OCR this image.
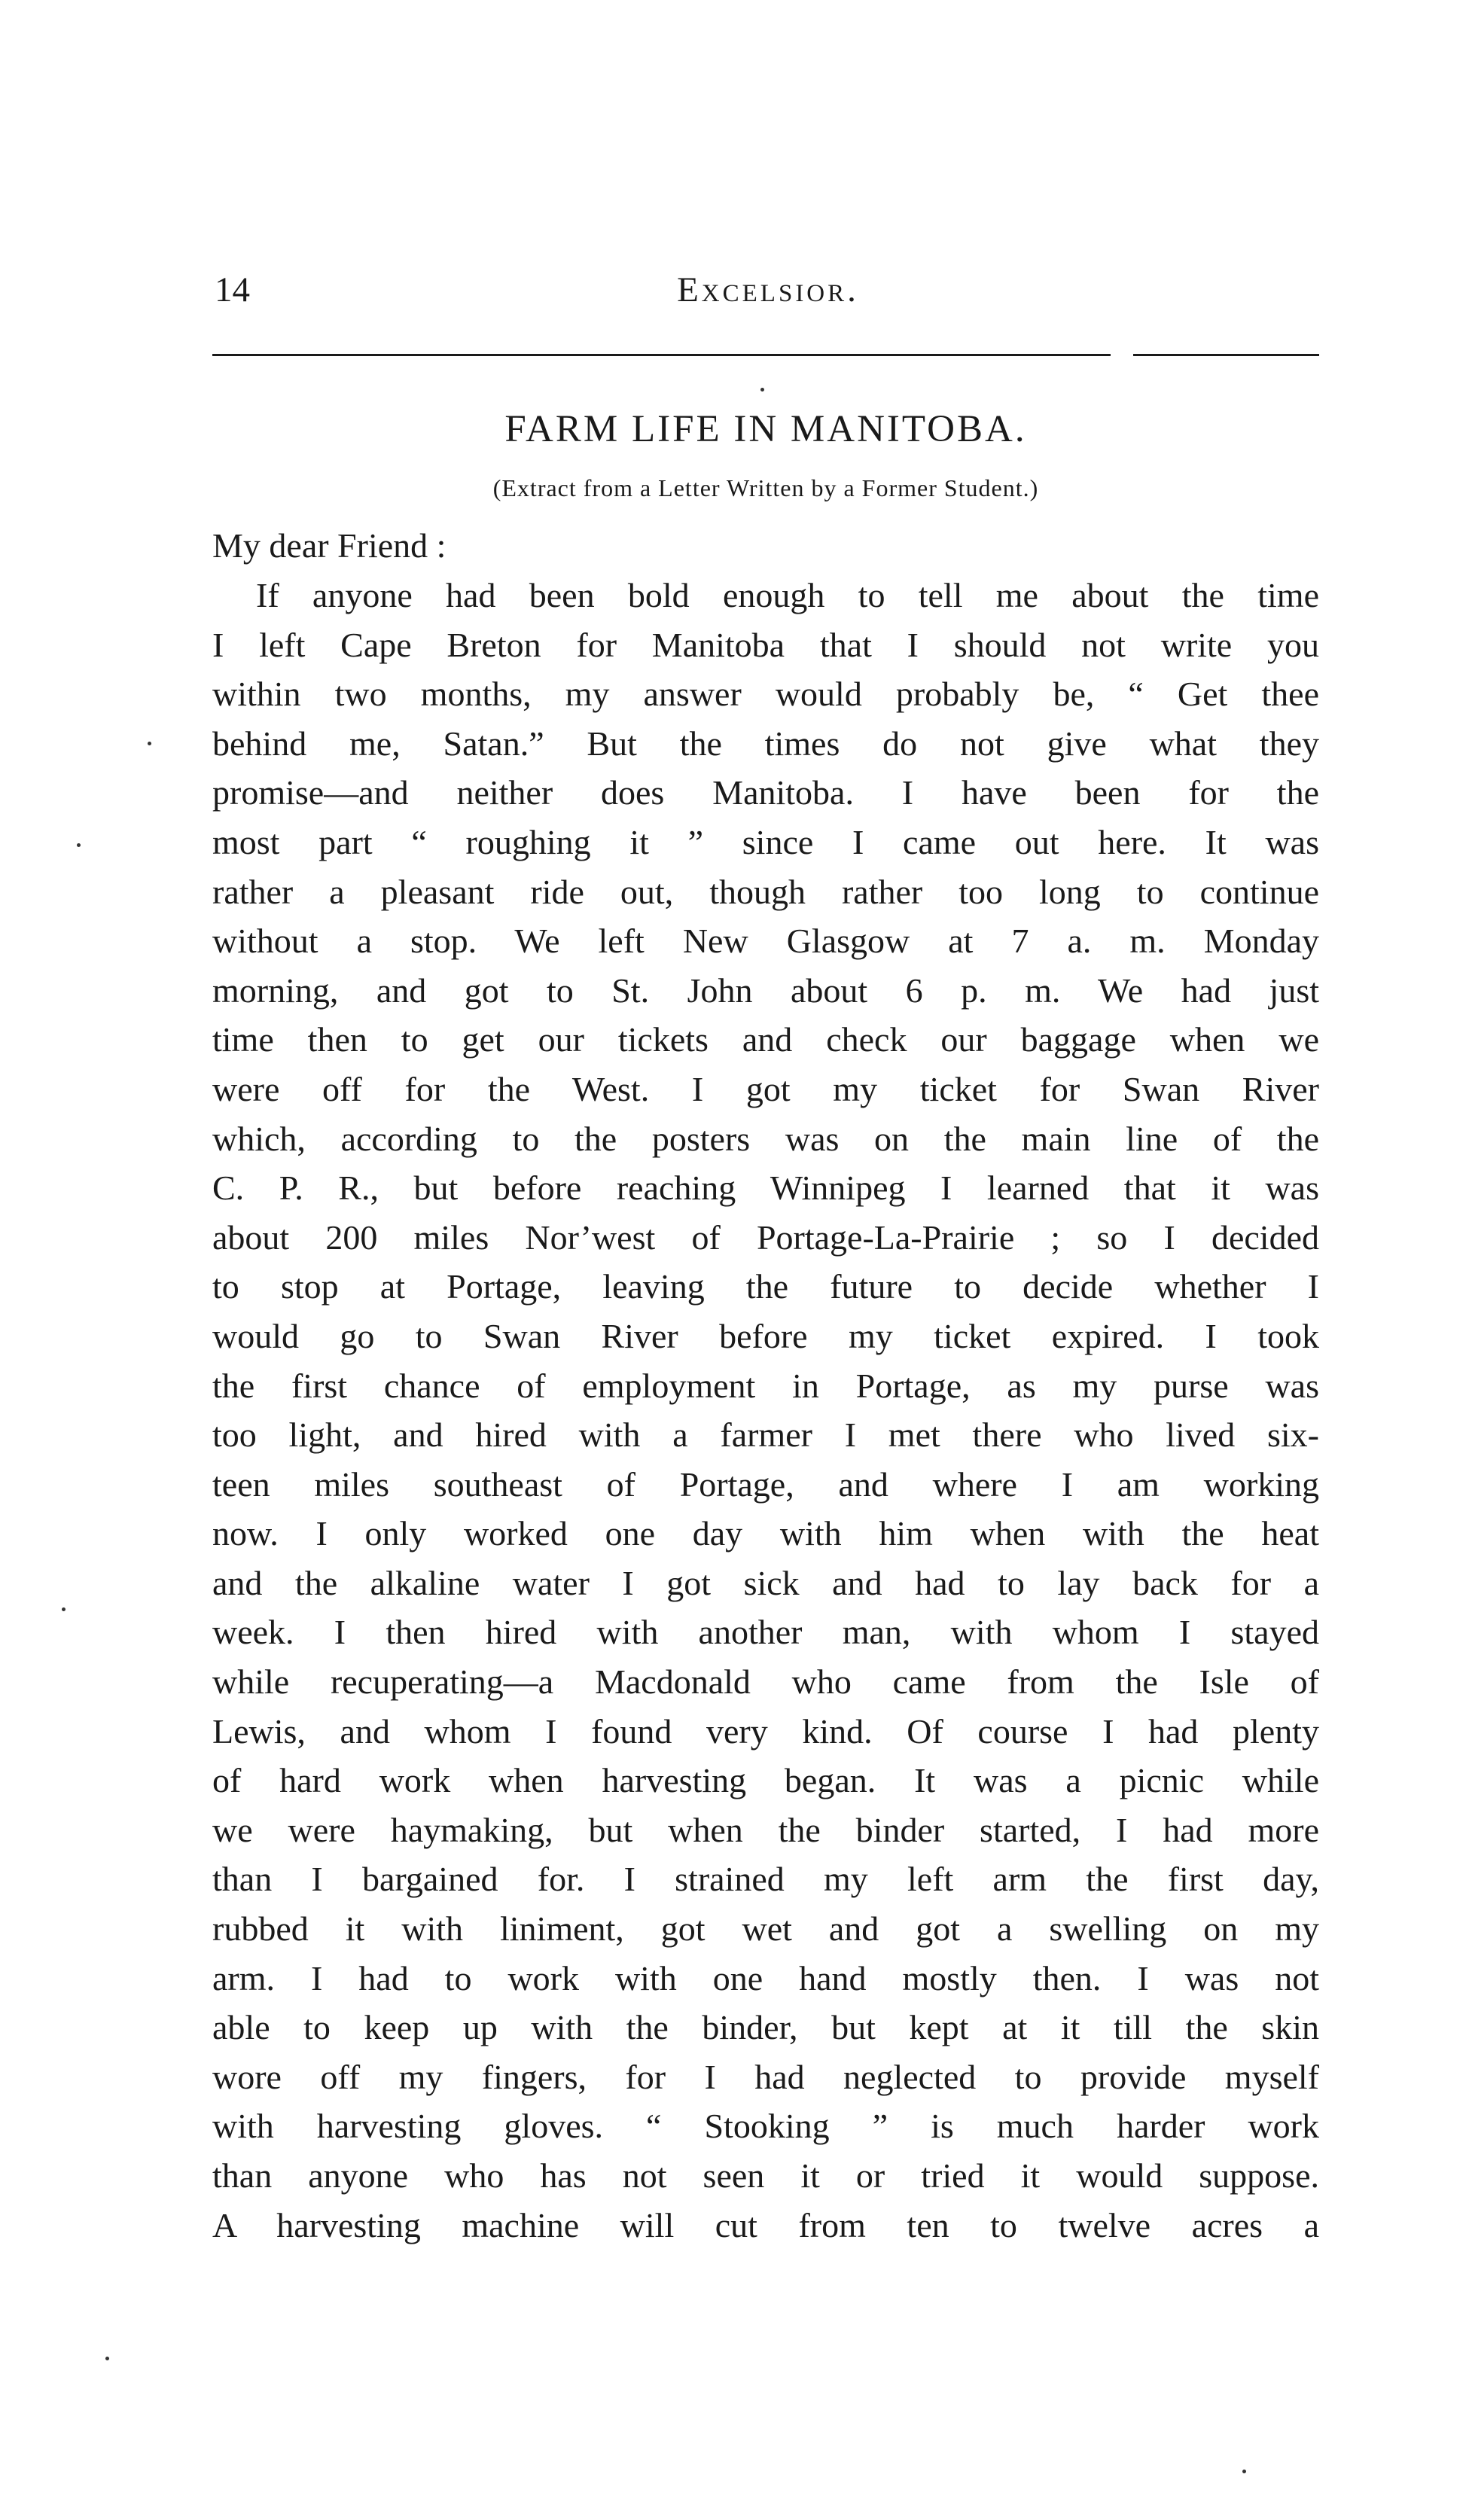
14	Excelsior.
FARM LIFE IN MANITOBA.
(Extract from a Letter Written by a Former Student.)
My dear Friend :
If anyone had been bold enough to tell me about the time
I left Cape Breton for Manitoba that I should not write you
within two months, my answer would probably be, “ Get thee
behind me, Satan.” But the times do not give what they
promise—and neither does Manitoba. I have been for the
most part “ roughing it ” since I came out here. It was
rather a pleasant ride out, though rather too long to continue
without a stop. We left New Glasgow at 7 a. m. Monday
morning, and got to St. John about 6 p. m. We had just
time then to get our tickets and check our baggage when we
were off for the West. I got my ticket for Swan River
which, according to the posters was on the main line of the
C. P. R., but before reaching Winnipeg I learned that it was
about 200 miles Nor’west of Portage-La-Prairie ; so I decided
to stop at Portage, leaving the future to decide whether I
would go to Swan River before my ticket expired. I took
the first chance of employment in Portage, as my purse was
too light, and hired with a farmer I met there who lived six-
teen miles southeast of Portage, and where I am working
now. I only worked one day with him when with the heat
and the alkaline water I got sick and had to lay back for a
week. I then hired with another man, with whom I stayed
while recuperating—a Macdonald who came from the Isle of
Lewis, and whom I found very kind. Of course I had plenty
of hard work when harvesting began. It was a picnic while
we were haymaking, but when the binder started, I had more
than I bargained for. I strained my left arm the first day,
rubbed it with liniment, got wet and got a swelling on my
arm. I had to work with one hand mostly then. I was not
able to keep up with the binder, but kept at it till the skin
wore off my fingers, for I had neglected to provide myself
with harvesting gloves. “ Stooking ” is much harder work
than anyone who has not seen it or tried it would suppose.
A harvesting machine will cut from ten to twelve acres a
